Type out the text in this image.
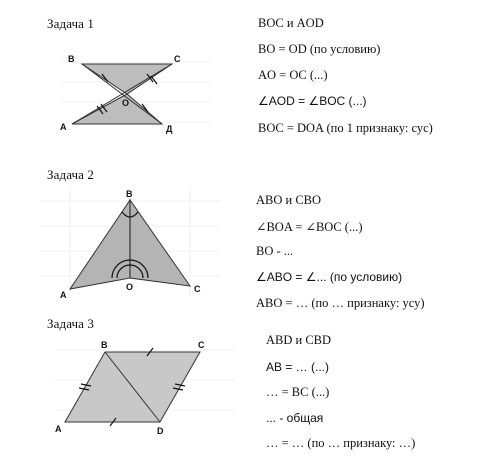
Задача 1
B	C
O
A	Д
BOC и AOD
BO = OD (по условию)
AO = OC (...)
∠AOD = ∠BOC (...)
BOC = DOA (по 1 признаку: сус)
Задача 2
B
O
A
C
ABO и CBO
∠BOA = ∠BOC (...)
BO - ...
∠ABO = ∠... (по условию)
ABO = … (по … признаку: усу)
Задача 3
B	C
A	D
ABD и CBD
AB = … (...)
… = BC (...)
... - общая
… = … (по … признаку: …)
